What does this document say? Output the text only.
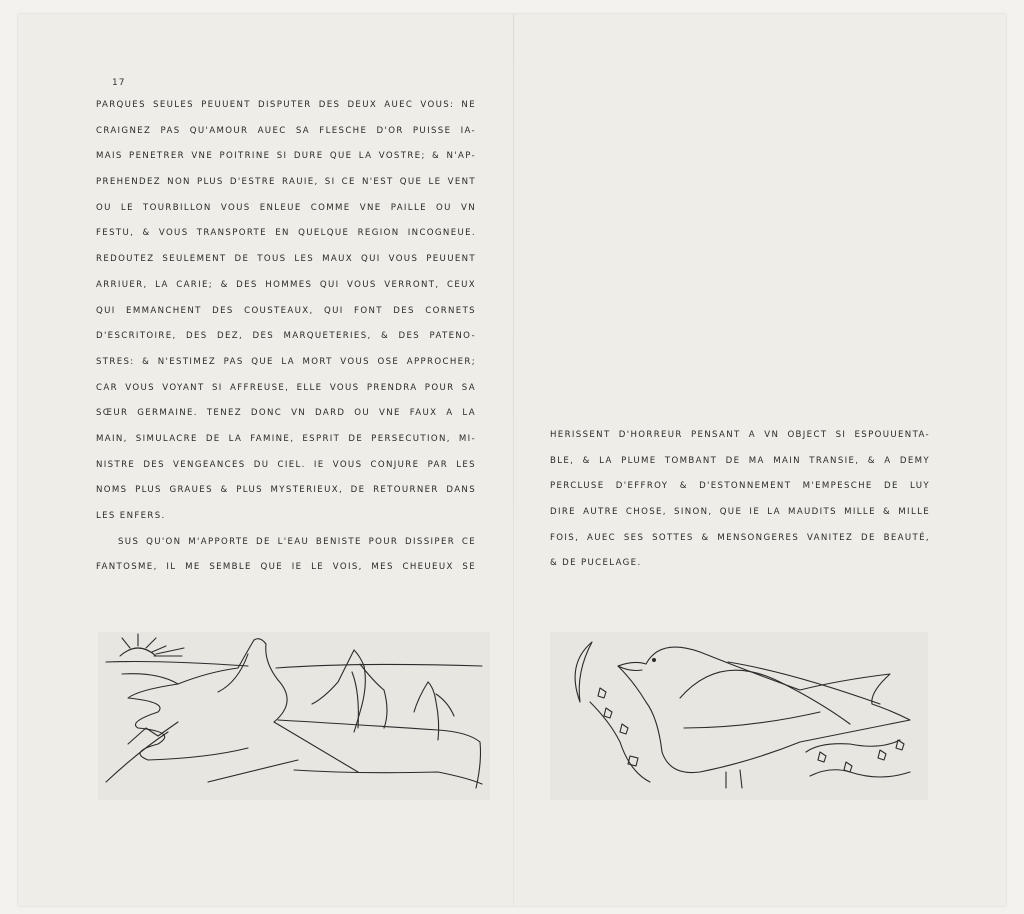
17
PARQUES SEULES PEUUENT DISPUTER DES DEUX AUEC VOUS: NE
CRAIGNEZ PAS QU'AMOUR AUEC SA FLESCHE D'OR PUISSE IA-
MAIS PENETRER VNE POITRINE SI DURE QUE LA VOSTRE; & N'AP-
PREHENDEZ NON PLUS D'ESTRE RAUIE, SI CE N'EST QUE LE VENT
OU LE TOURBILLON VOUS ENLEUE COMME VNE PAILLE OU VN
FESTU, & VOUS TRANSPORTE EN QUELQUE REGION INCOGNEUE.
REDOUTEZ SEULEMENT DE TOUS LES MAUX QUI VOUS PEUUENT
ARRIUER, LA CARIE; & DES HOMMES QUI VOUS VERRONT, CEUX
QUI EMMANCHENT DES COUSTEAUX, QUI FONT DES CORNETS
D'ESCRITOIRE, DES DEZ, DES MARQUETERIES, & DES PATENO-
STRES: & N'ESTIMEZ PAS QUE LA MORT VOUS OSE APPROCHER;
CAR VOUS VOYANT SI AFFREUSE, ELLE VOUS PRENDRA POUR SA
SŒUR GERMAINE. TENEZ DONC VN DARD OU VNE FAUX A LA
MAIN, SIMULACRE DE LA FAMINE, ESPRIT DE PERSECUTION, MI-
NISTRE DES VENGEANCES DU CIEL. IE VOUS CONJURE PAR LES
NOMS PLUS GRAUES & PLUS MYSTERIEUX, DE RETOURNER DANS
LES ENFERS.
SUS QU'ON M'APPORTE DE L'EAU BENISTE POUR DISSIPER CE
FANTOSME, IL ME SEMBLE QUE IE LE VOIS, MES CHEUEUX SE
HERISSENT D'HORREUR PENSANT A VN OBJECT SI ESPOUUENTA-
BLE, & LA PLUME TOMBANT DE MA MAIN TRANSIE, & A DEMY
PERCLUSE D'EFFROY & D'ESTONNEMENT M'EMPESCHE DE LUY
DIRE AUTRE CHOSE, SINON, QUE IE LA MAUDITS MILLE & MILLE
FOIS, AUEC SES SOTTES & MENSONGERES VANITEZ DE BEAUTÉ,
& DE PUCELAGE.
